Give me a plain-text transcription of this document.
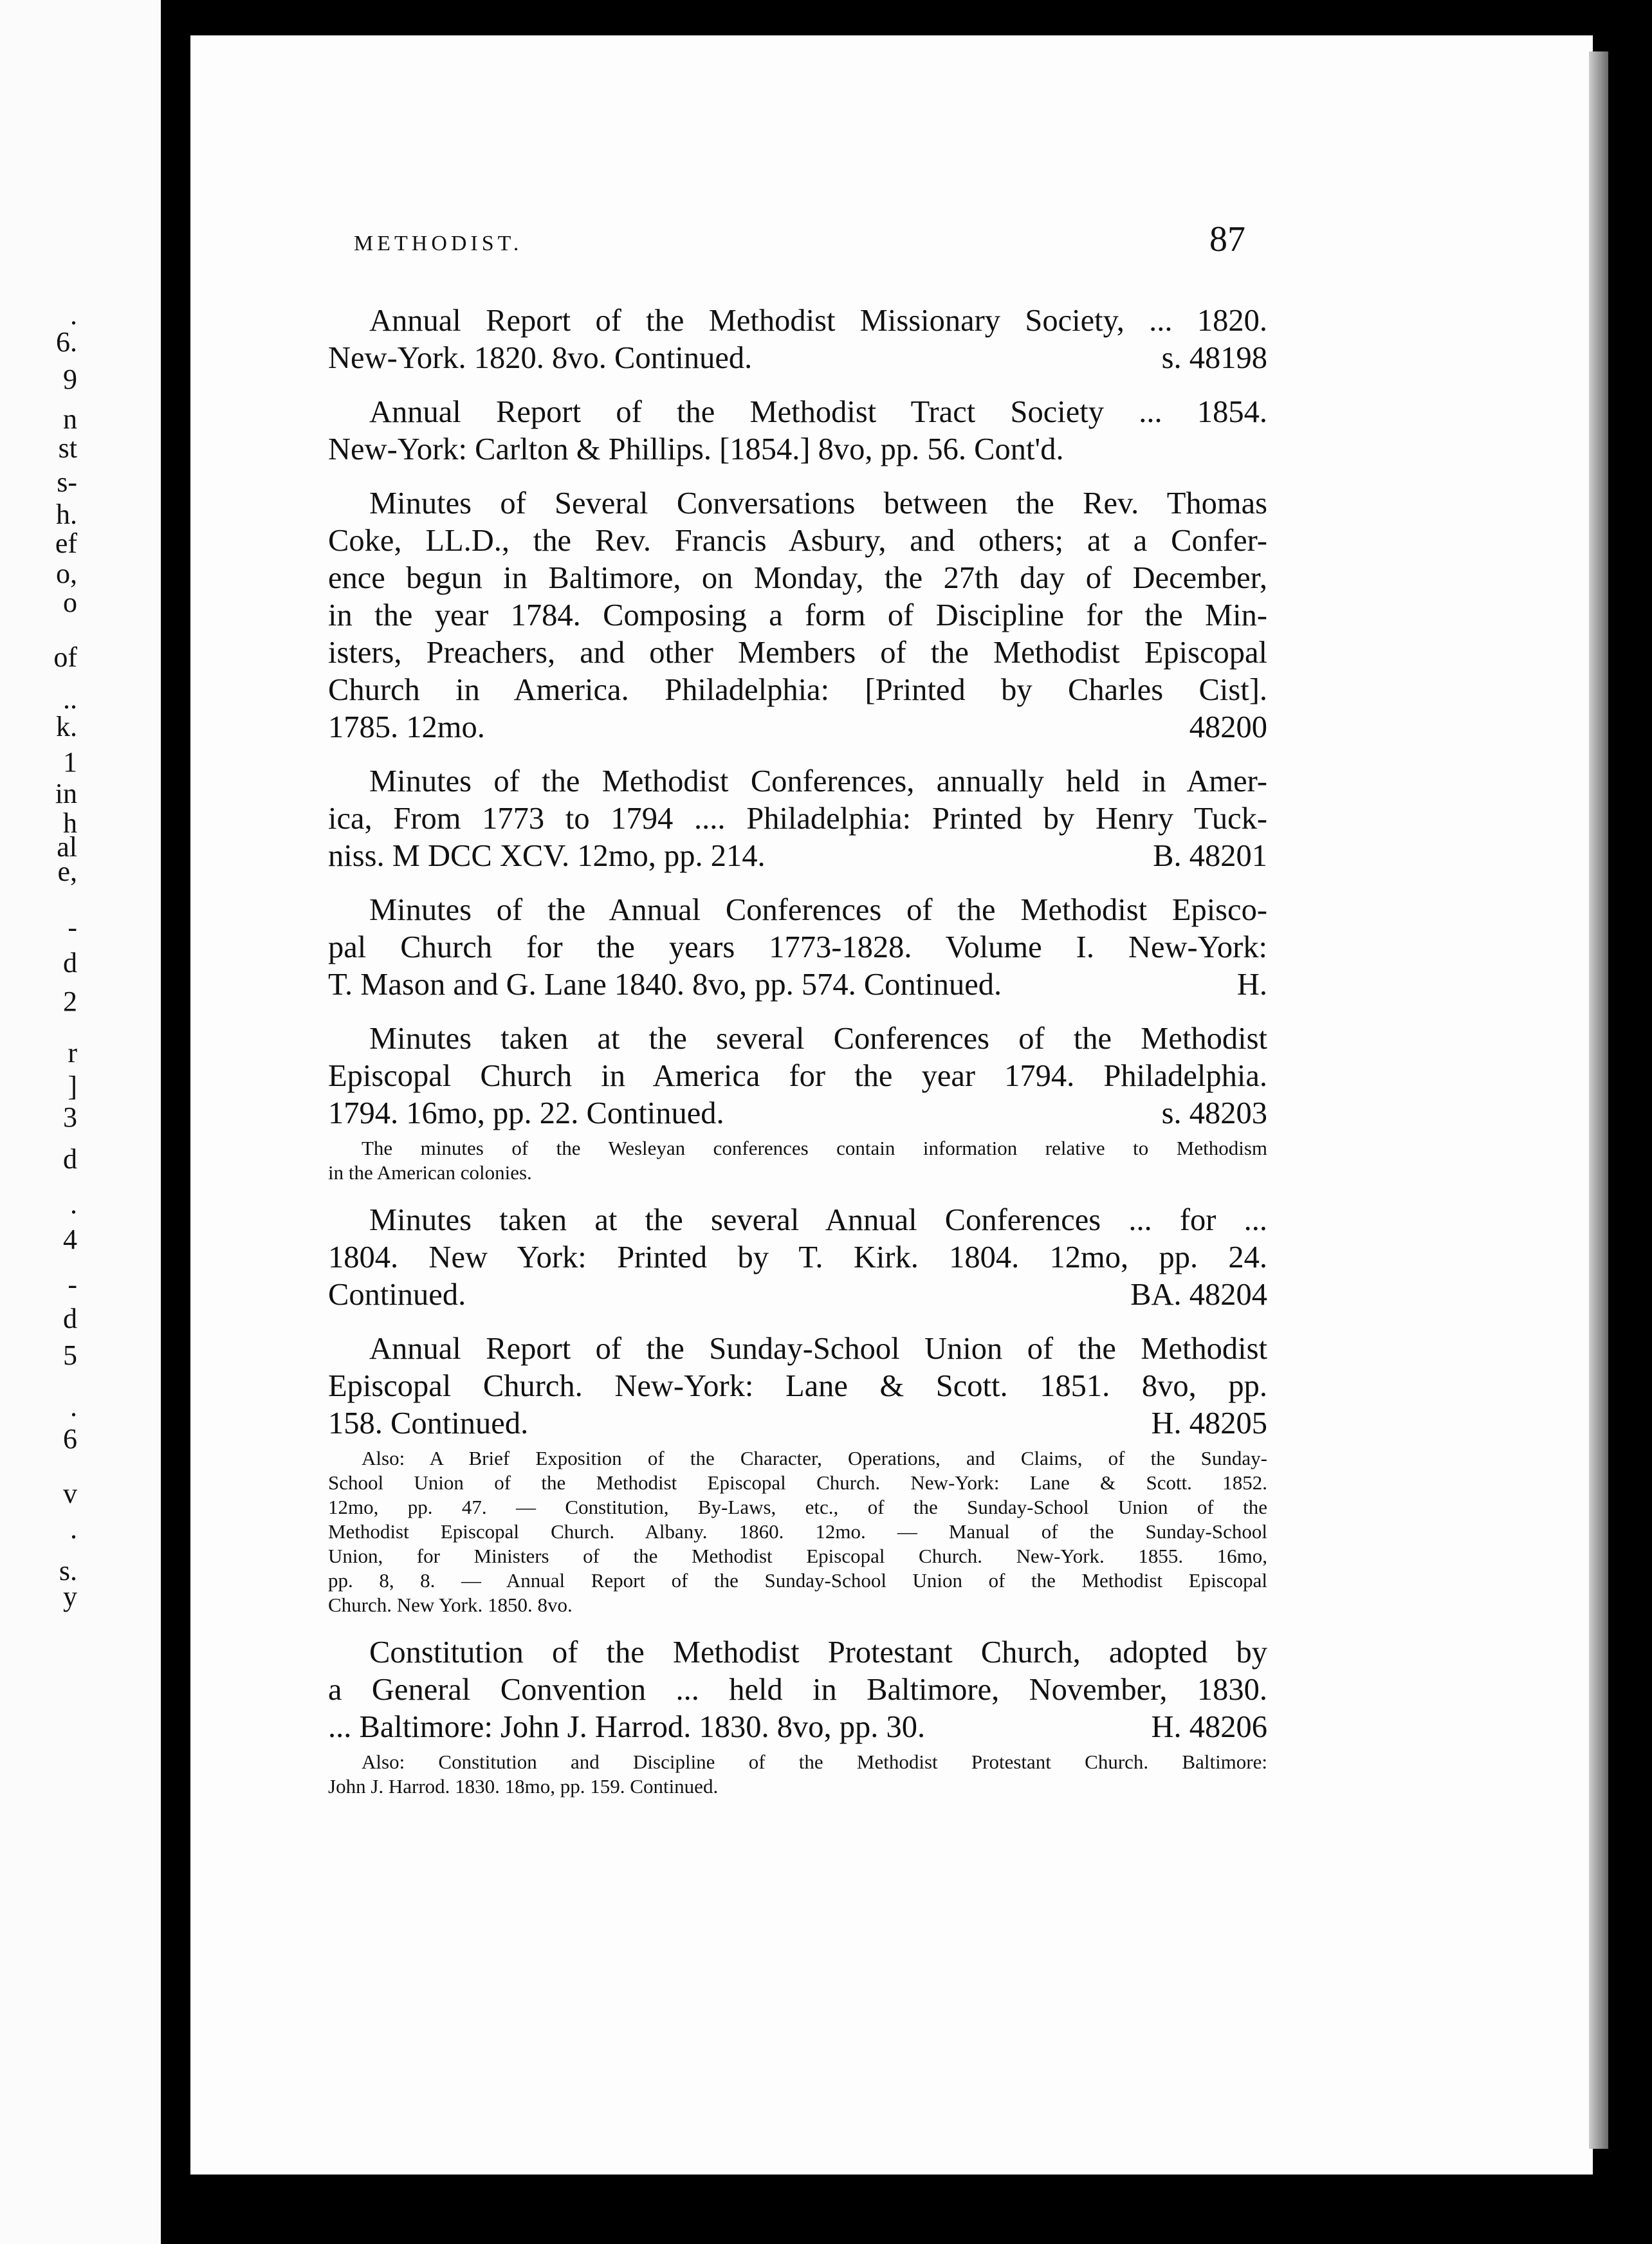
.
6.
9
n
st
s-
h.
ef
o,
o
of
..
k.
1
in
h
al
e,
-
d
2
r
]
3
d
.
4
-
d
5
.
6
v
.
s.
y
METHODIST.	87
Annual Report of the Methodist Missionary Society, ... 1820.
New-York. 1820. 8vo. Continued.	s. 48198
Annual Report of the Methodist Tract Society ... 1854.
New-York: Carlton & Phillips. [1854.] 8vo, pp. 56. Cont'd.
Minutes of Several Conversations between the Rev. Thomas
Coke, LL.D., the Rev. Francis Asbury, and others; at a Confer-
ence begun in Baltimore, on Monday, the 27th day of December,
in the year 1784. Composing a form of Discipline for the Min-
isters, Preachers, and other Members of the Methodist Episcopal
Church in America. Philadelphia: [Printed by Charles Cist].
1785. 12mo.	48200
Minutes of the Methodist Conferences, annually held in Amer-
ica, From 1773 to 1794 .... Philadelphia: Printed by Henry Tuck-
niss. M DCC XCV. 12mo, pp. 214.	B. 48201
Minutes of the Annual Conferences of the Methodist Episco-
pal Church for the years 1773-1828. Volume I. New-York:
T. Mason and G. Lane 1840. 8vo, pp. 574. Continued.	H.
Minutes taken at the several Conferences of the Methodist
Episcopal Church in America for the year 1794. Philadelphia.
1794. 16mo, pp. 22. Continued.	s. 48203
The minutes of the Wesleyan conferences contain information relative to Methodism
in the American colonies.
Minutes taken at the several Annual Conferences ... for ...
1804. New York: Printed by T. Kirk. 1804. 12mo, pp. 24.
Continued.	BA. 48204
Annual Report of the Sunday-School Union of the Methodist
Episcopal Church. New-York: Lane & Scott. 1851. 8vo, pp.
158. Continued.	H. 48205
Also: A Brief Exposition of the Character, Operations, and Claims, of the Sunday-
School Union of the Methodist Episcopal Church. New-York: Lane & Scott. 1852.
12mo, pp. 47. — Constitution, By-Laws, etc., of the Sunday-School Union of the
Methodist Episcopal Church. Albany. 1860. 12mo. — Manual of the Sunday-School
Union, for Ministers of the Methodist Episcopal Church. New-York. 1855. 16mo,
pp. 8, 8. — Annual Report of the Sunday-School Union of the Methodist Episcopal
Church. New York. 1850. 8vo.
Constitution of the Methodist Protestant Church, adopted by
a General Convention ... held in Baltimore, November, 1830.
... Baltimore: John J. Harrod. 1830. 8vo, pp. 30.	H. 48206
Also: Constitution and Discipline of the Methodist Protestant Church. Baltimore:
John J. Harrod. 1830. 18mo, pp. 159. Continued.
